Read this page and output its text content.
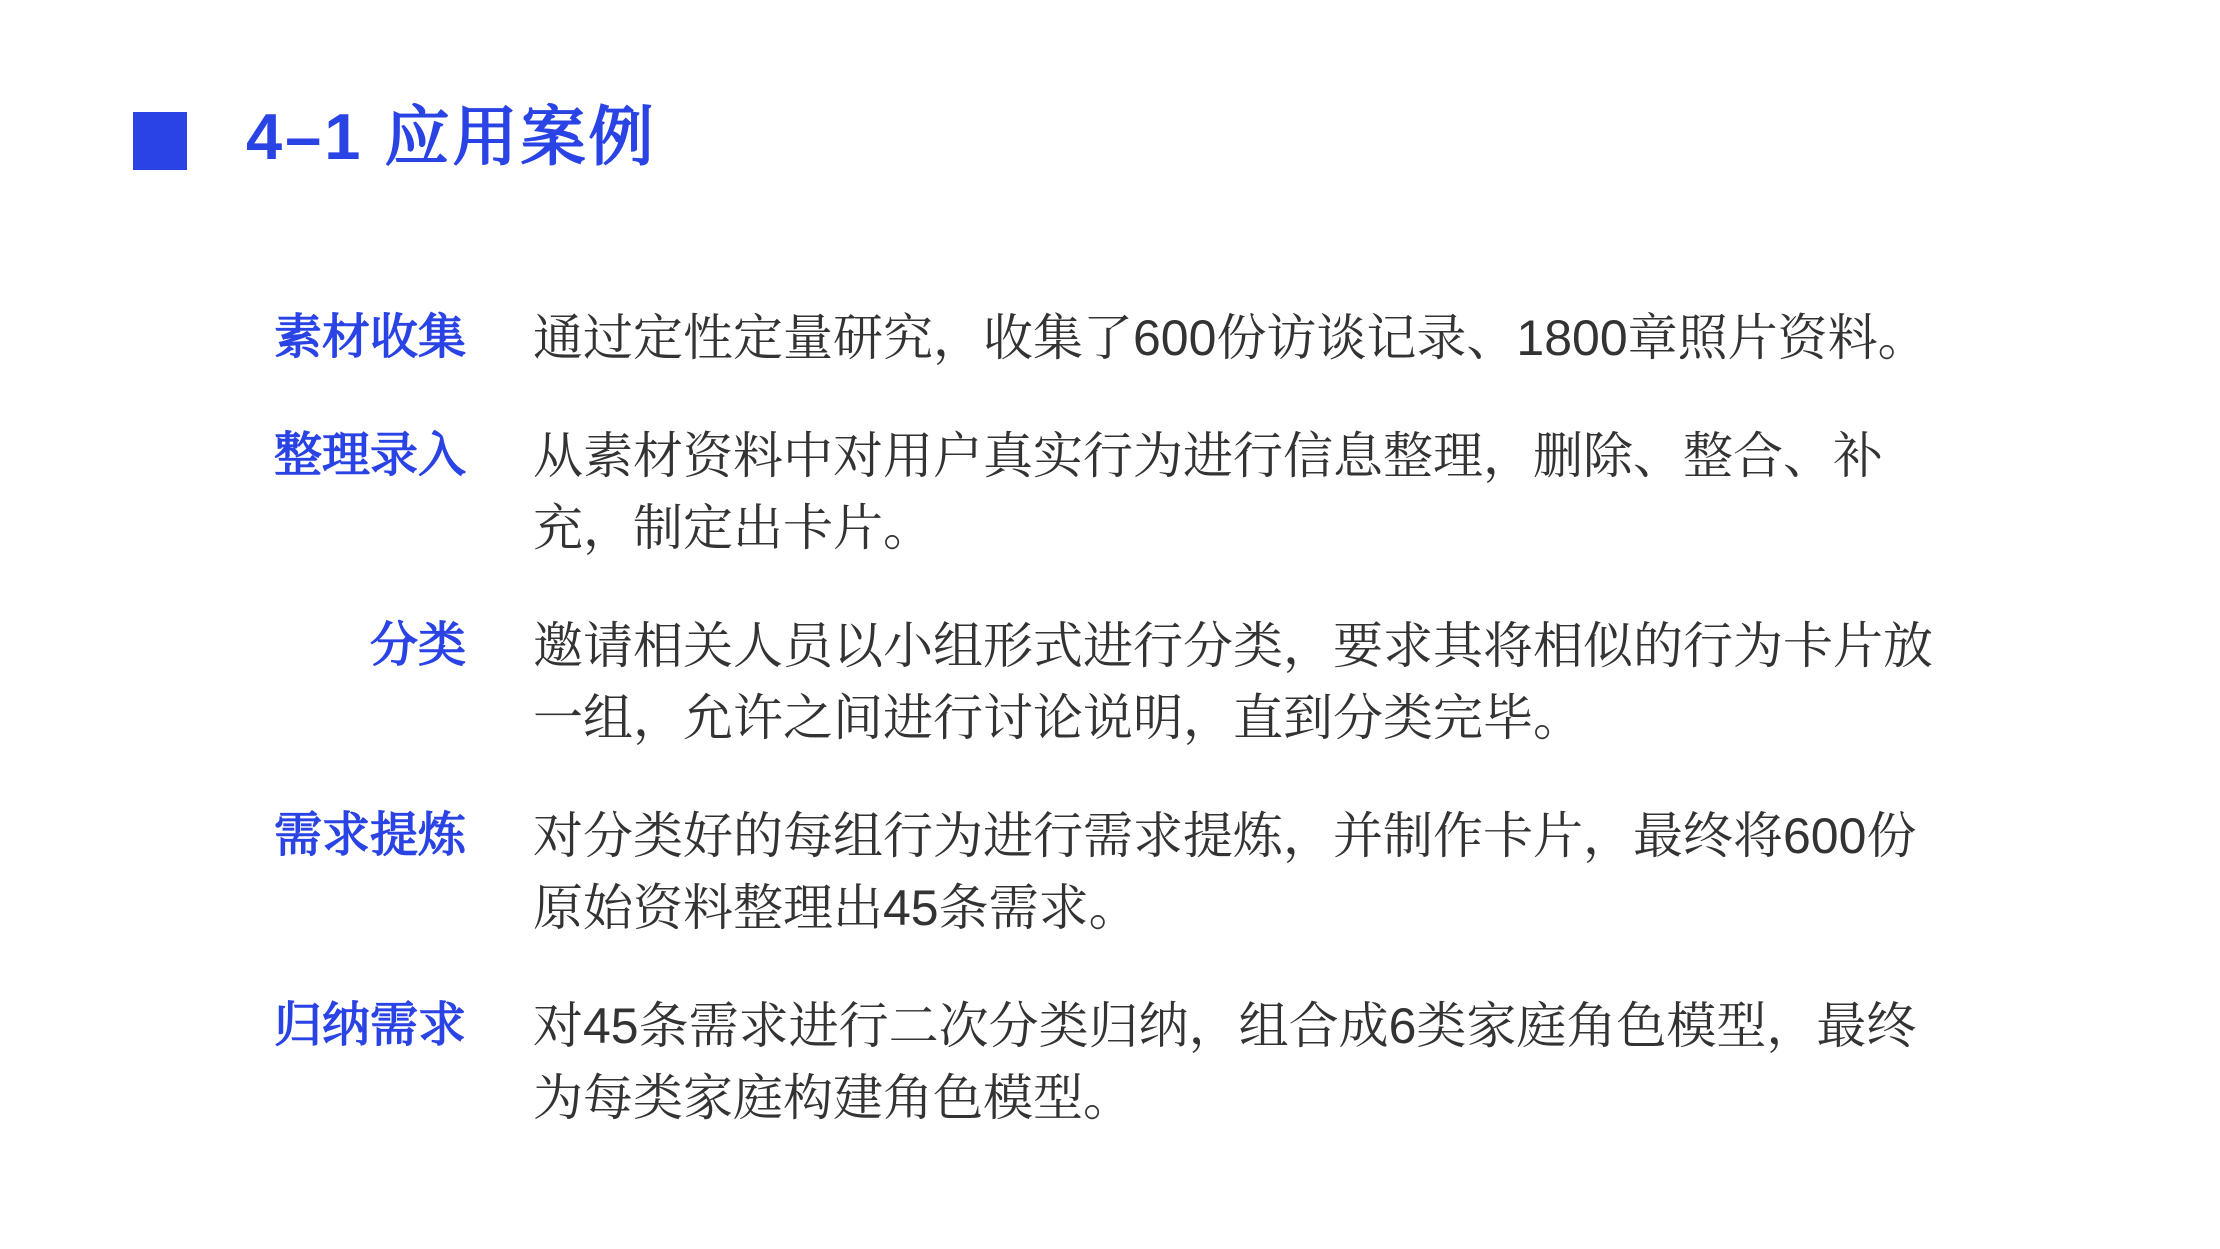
4–1 应用案例
素材收集 通过定性定量研究，收集了600份访谈记录、1800章照片资料。
整理录入 从素材资料中对用户真实行为进行信息整理，删除、整合、补
充，制定出卡片。
分类 邀请相关人员以小组形式进行分类，要求其将相似的行为卡片放
一组，允许之间进行讨论说明，直到分类完毕。
需求提炼 对分类好的每组行为进行需求提炼，并制作卡片，最终将600份
原始资料整理出45条需求。
归纳需求 对45条需求进行二次分类归纳，组合成6类家庭角色模型，最终
为每类家庭构建角色模型。
